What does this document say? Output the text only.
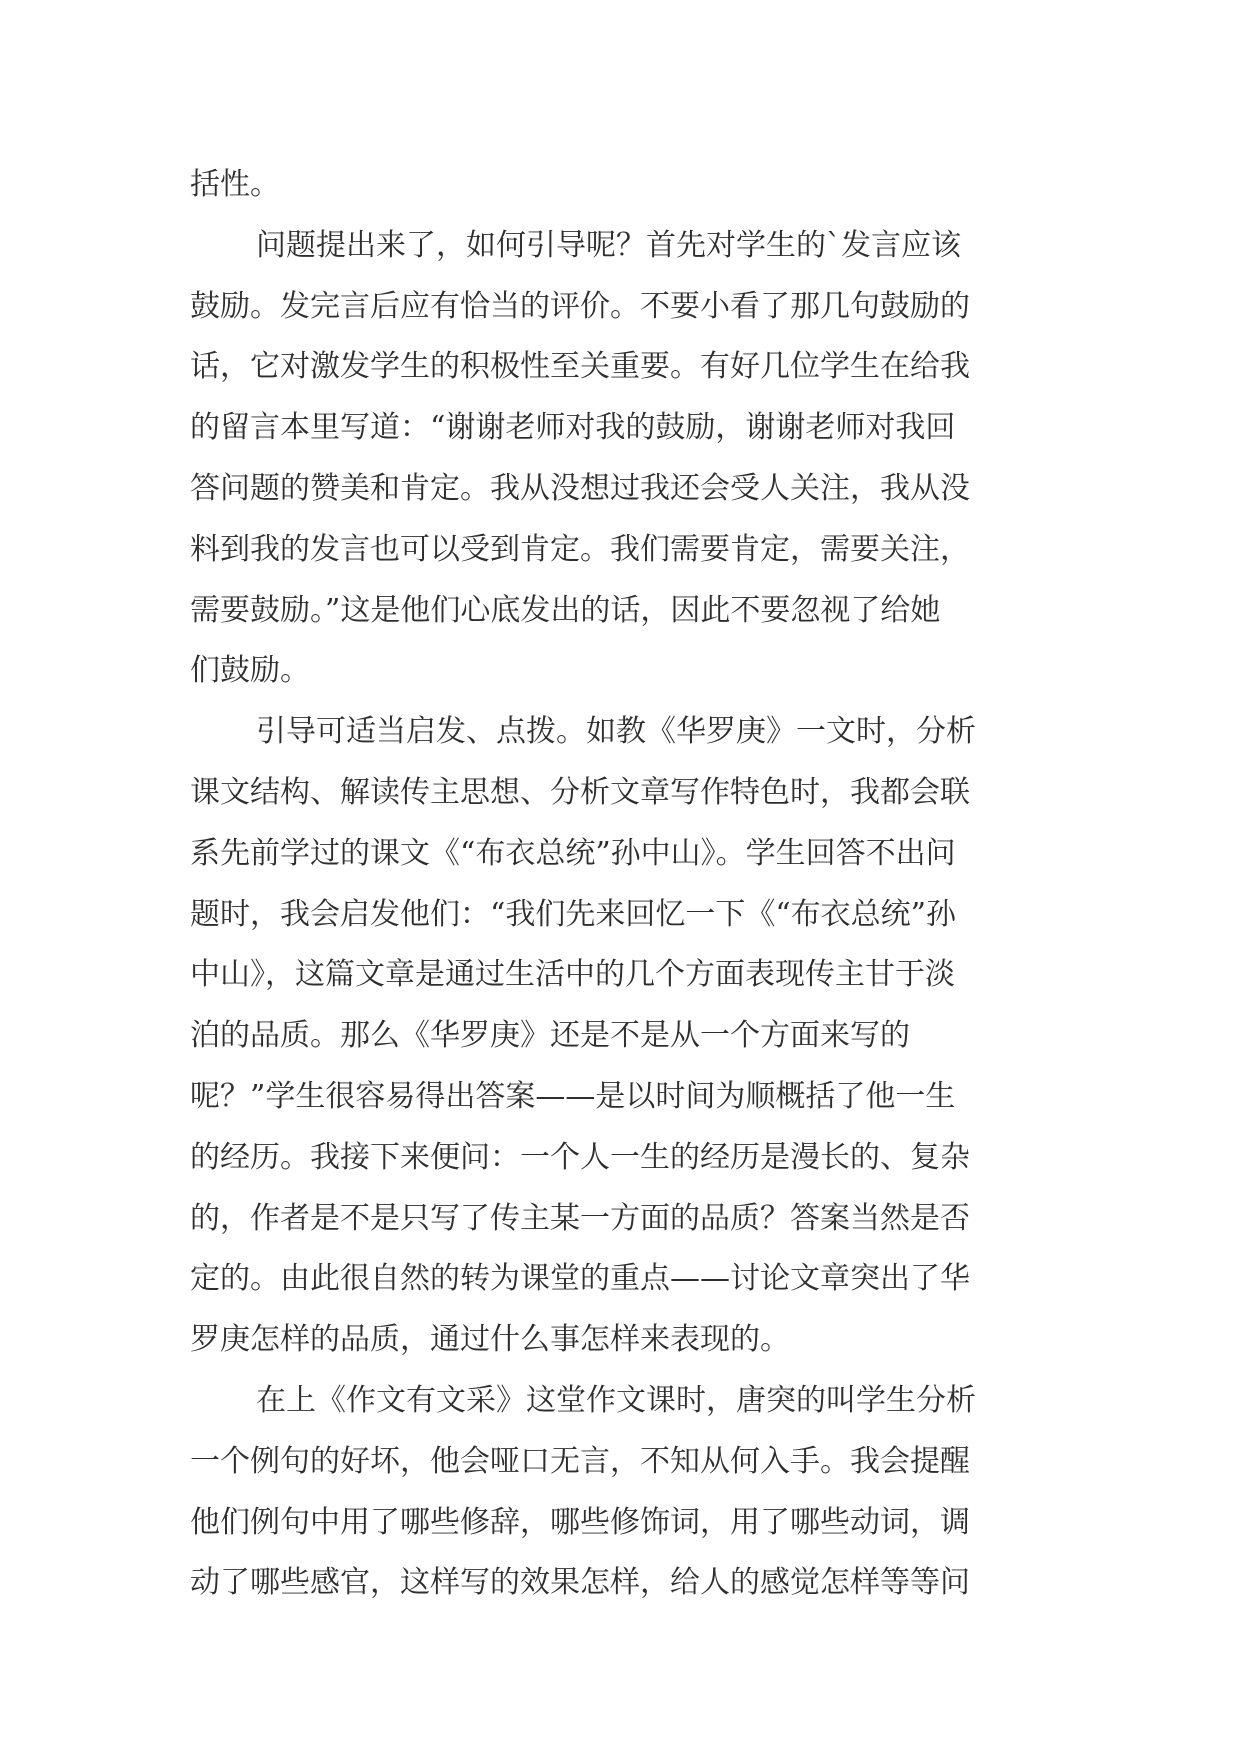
括性。
问题提出来了，如何引导呢？首先对学生的`发言应该
鼓励。发完言后应有恰当的评价。不要小看了那几句鼓励的
话，它对激发学生的积极性至关重要。有好几位学生在给我
的留言本里写道：“谢谢老师对我的鼓励，谢谢老师对我回
答问题的赞美和肯定。我从没想过我还会受人关注，我从没
料到我的发言也可以受到肯定。我们需要肯定，需要关注，
需要鼓励。”这是他们心底发出的话，因此不要忽视了给她
们鼓励。
引导可适当启发、点拨。如教《华罗庚》一文时，分析
课文结构、解读传主思想、分析文章写作特色时，我都会联
系先前学过的课文《“布衣总统”孙中山》。学生回答不出问
题时，我会启发他们：“我们先来回忆一下《“布衣总统”孙
中山》，这篇文章是通过生活中的几个方面表现传主甘于淡
泊的品质。那么《华罗庚》还是不是从一个方面来写的
呢？”学生很容易得出答案——是以时间为顺概括了他一生
的经历。我接下来便问：一个人一生的经历是漫长的、复杂
的，作者是不是只写了传主某一方面的品质？答案当然是否
定的。由此很自然的转为课堂的重点——讨论文章突出了华
罗庚怎样的品质，通过什么事怎样来表现的。
在上《作文有文采》这堂作文课时，唐突的叫学生分析
一个例句的好坏，他会哑口无言，不知从何入手。我会提醒
他们例句中用了哪些修辞，哪些修饰词，用了哪些动词，调
动了哪些感官，这样写的效果怎样，给人的感觉怎样等等问
